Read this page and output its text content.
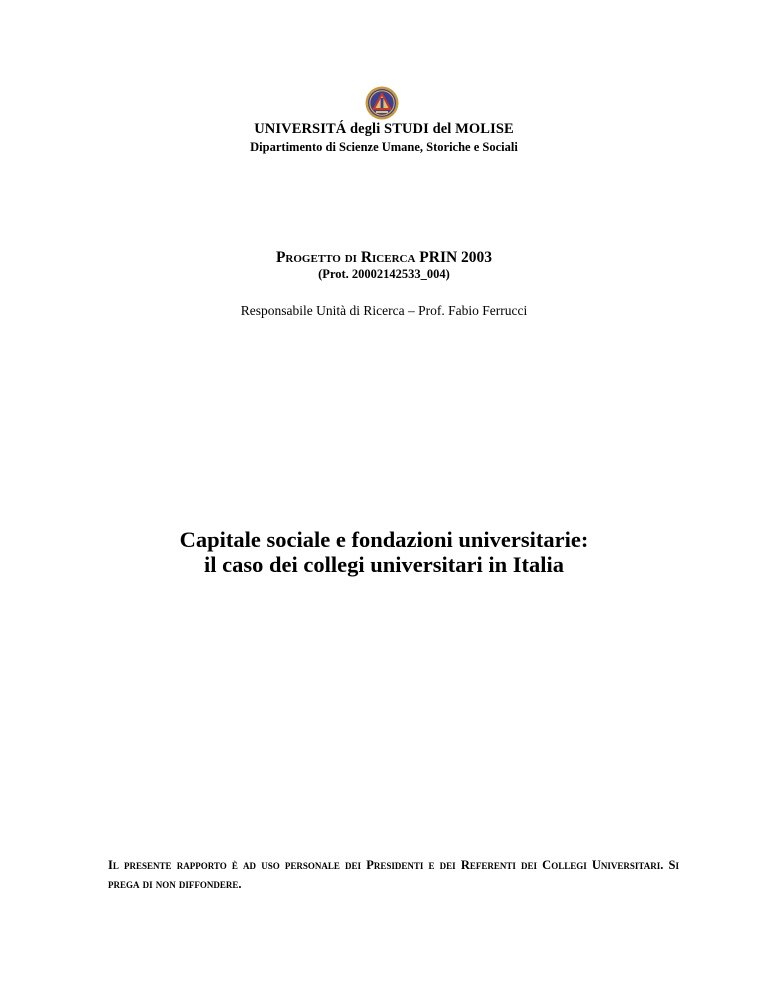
UNIVERSITÁ degli STUDI del MOLISE
Dipartimento di Scienze Umane, Storiche e Sociali
Progetto di Ricerca PRIN 2003
(Prot. 20002142533_004)
Responsabile Unità di Ricerca – Prof. Fabio Ferrucci
Capitale sociale e fondazioni universitarie:
il caso dei collegi universitari in Italia
Il presente rapporto è ad uso personale dei Presidenti e dei Referenti dei Collegi Universitari. Si prega di non diffondere.
